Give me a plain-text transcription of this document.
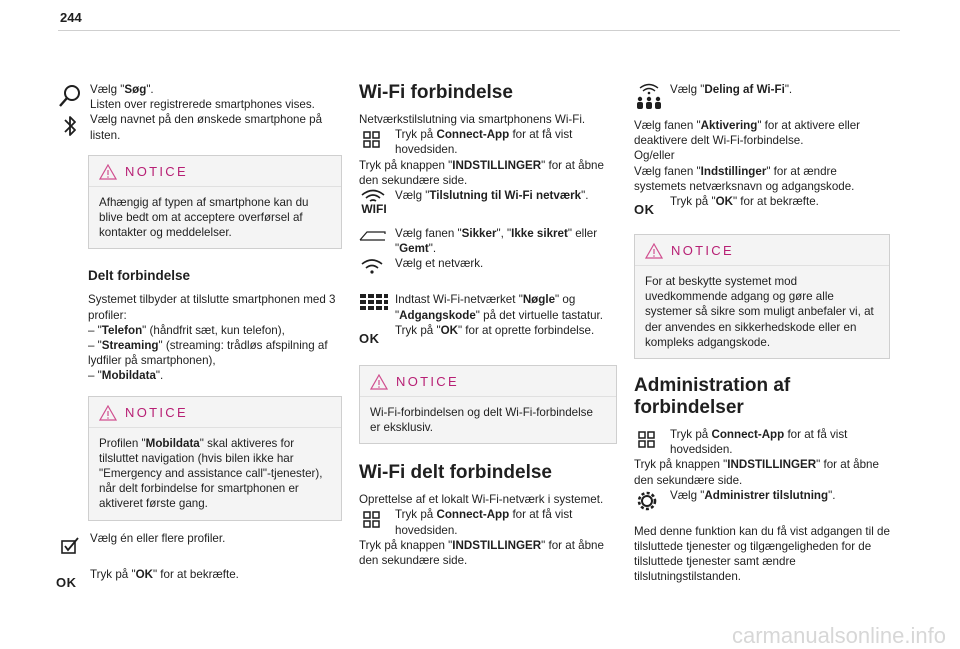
244

Vælg "Søg".

Listen over registrerede smartphones vises.

Vælg navnet på den ønskede smartphone på listen.

NOTICE
Afhængig af typen af smartphone kan du blive bedt om at acceptere overførsel af kontakter og meddelelser.
Delt forbindelse

Systemet tilbyder at tilslutte smartphonen med 3 profiler:

– "Telefon" (håndfrit sæt, kun telefon),

– "Streaming" (streaming: trådløs afspilning af lydfiler på smartphonen),

– "Mobildata".

NOTICE
Profilen "Mobildata" skal aktiveres for tilsluttet navigation (hvis bilen ikke har "Emergency and assistance call"-tjenester), når delt forbindelse for smartphonen er aktiveret første gang.

Vælg én eller flere profiler.

OK

Tryk på "OK" for at bekræfte.

Wi-Fi forbindelse

Netværkstilslutning via smartphonens Wi-Fi.

Tryk på Connect-App for at få vist hovedsiden.

Tryk på knappen "INDSTILLINGER" for at åbne den sekundære side.

WIFI

Vælg "Tilslutning til Wi-Fi netværk".

Vælg fanen "Sikker", "Ikke sikret" eller "Gemt".

Vælg et netværk.

Indtast Wi-Fi-netværket "Nøgle" og "Adgangskode" på det virtuelle tastatur.

OK

Tryk på "OK" for at oprette forbindelse.

NOTICE
Wi-Fi-forbindelsen og delt Wi-Fi-forbindelse er eksklusiv.
Wi-Fi delt forbindelse

Oprettelse af et lokalt Wi-Fi-netværk i systemet.

Tryk på Connect-App for at få vist hovedsiden.

Tryk på knappen "INDSTILLINGER" for at åbne den sekundære side.

Vælg "Deling af Wi-Fi".

Vælg fanen "Aktivering" for at aktivere eller deaktivere delt Wi-Fi-forbindelse.

Og/eller

Vælg fanen "Indstillinger" for at ændre systemets netværksnavn og adgangskode.

OK

Tryk på "OK" for at bekræfte.

NOTICE
For at beskytte systemet mod uvedkommende adgang og gøre alle systemer så sikre som muligt anbefaler vi, at der anvendes en sikkerhedskode eller en kompleks adgangskode.
Administration af forbindelser

Tryk på Connect-App for at få vist hovedsiden.

Tryk på knappen "INDSTILLINGER" for at åbne den sekundære side.

Vælg "Administrer tilslutning".

Med denne funktion kan du få vist adgangen til de tilsluttede tjenester og tilgængeligheden for de tilsluttede tjenester samt ændre tilslutningstilstanden.

carmanualsonline.info
